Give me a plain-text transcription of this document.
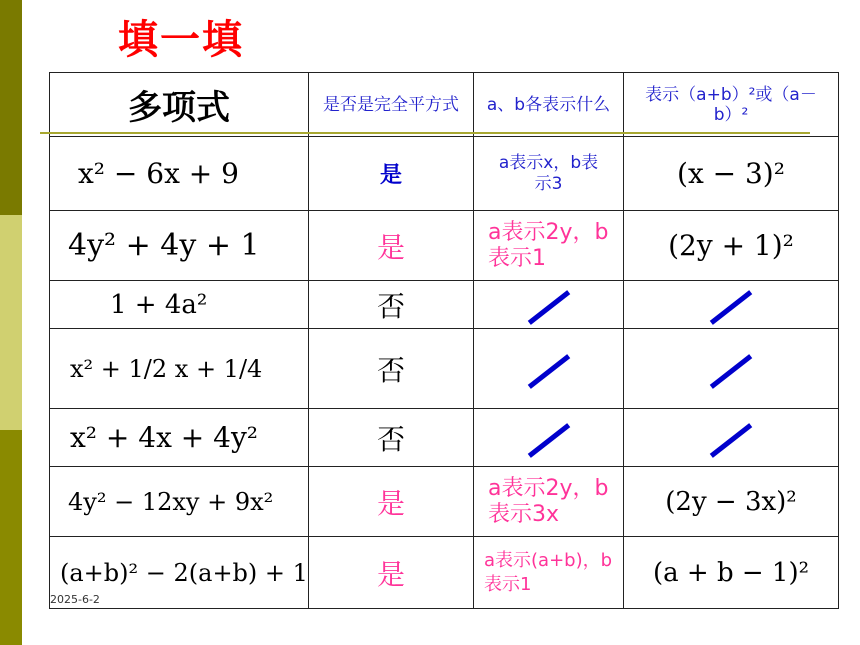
填一填
多项式	是否是完全平方式	a、b各表示什么	表示（a+b）²或（a－b）²

x² − 6x + 9	是	a表示x，b表示3	(x − 3)²
4y² + 4y + 1	是	a表示2y，b表示1	(2y + 1)²
1 + 4a²	否		
x² + 1/2 x + 1/4	否		
x² + 4x + 4y²	否		
4y² − 12xy + 9x²	是	a表示2y，b表示3x	(2y − 3x)²
(a+b)² − 2(a+b) + 1	是	a表示(a+b)，b表示1	(a + b − 1)²
2025-6-2
